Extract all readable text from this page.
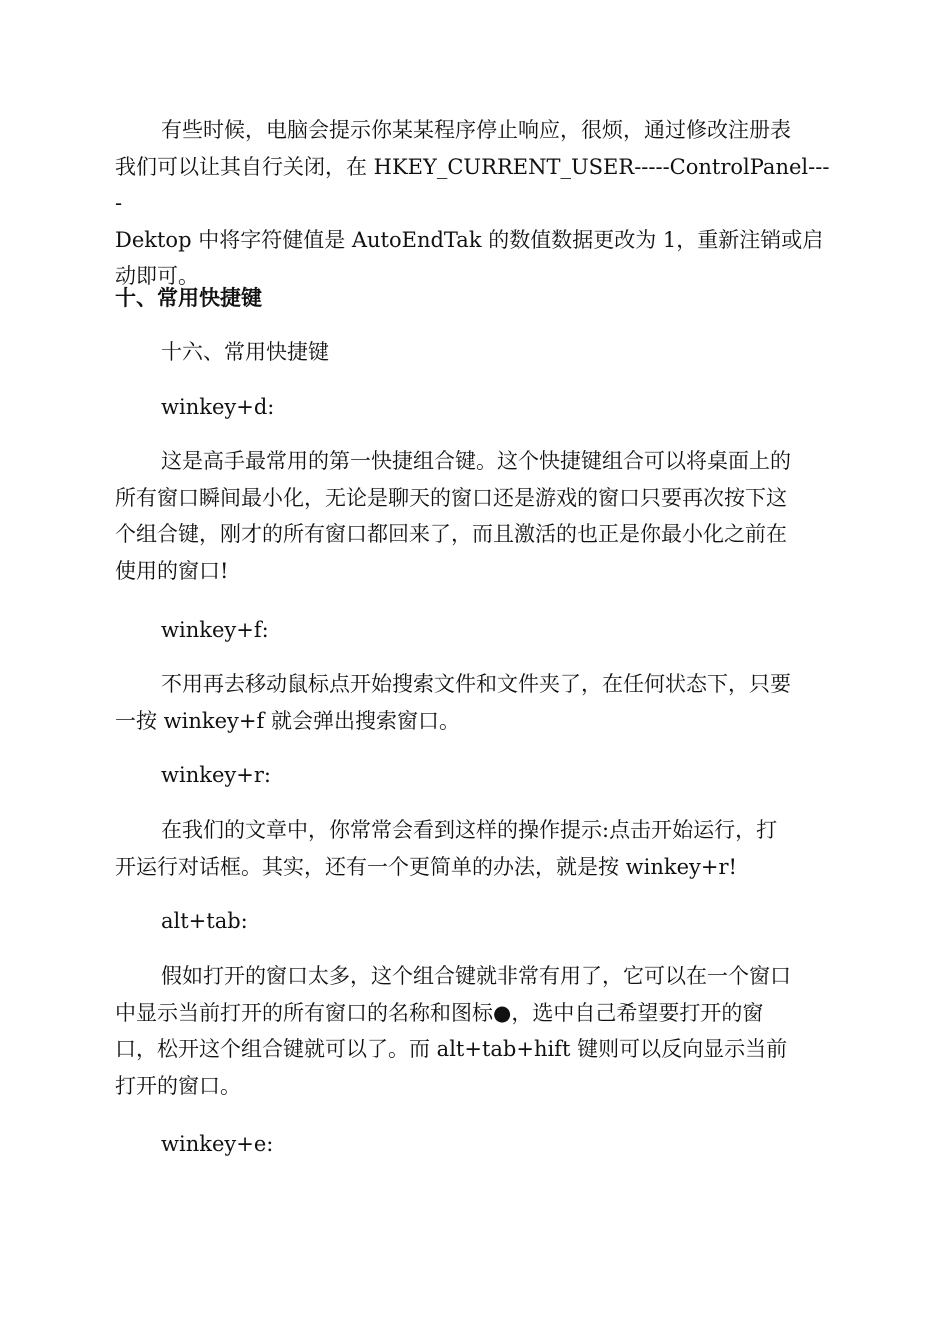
有些时候，电脑会提示你某某程序停止响应，很烦，通过修改注册表
我们可以让其自行关闭，在 HKEY_CURRENT_USER-----ControlPanel----
Dektop 中将字符健值是 AutoEndTak 的数值数据更改为 1，重新注销或启
动即可。
十、常用快捷键
十六、常用快捷键
winkey+d:
这是高手最常用的第一快捷组合键。这个快捷键组合可以将桌面上的
所有窗口瞬间最小化，无论是聊天的窗口还是游戏的窗口只要再次按下这
个组合键，刚才的所有窗口都回来了，而且激活的也正是你最小化之前在
使用的窗口!
winkey+f:
不用再去移动鼠标点开始搜索文件和文件夹了，在任何状态下，只要
一按 winkey+f 就会弹出搜索窗口。
winkey+r:
在我们的文章中，你常常会看到这样的操作提示:点击开始运行，打
开运行对话框。其实，还有一个更简单的办法，就是按 winkey+r!
alt+tab:
假如打开的窗口太多，这个组合键就非常有用了，它可以在一个窗口
中显示当前打开的所有窗口的名称和图标●，选中自己希望要打开的窗
口，松开这个组合键就可以了。而 alt+tab+hift 键则可以反向显示当前
打开的窗口。
winkey+e:
